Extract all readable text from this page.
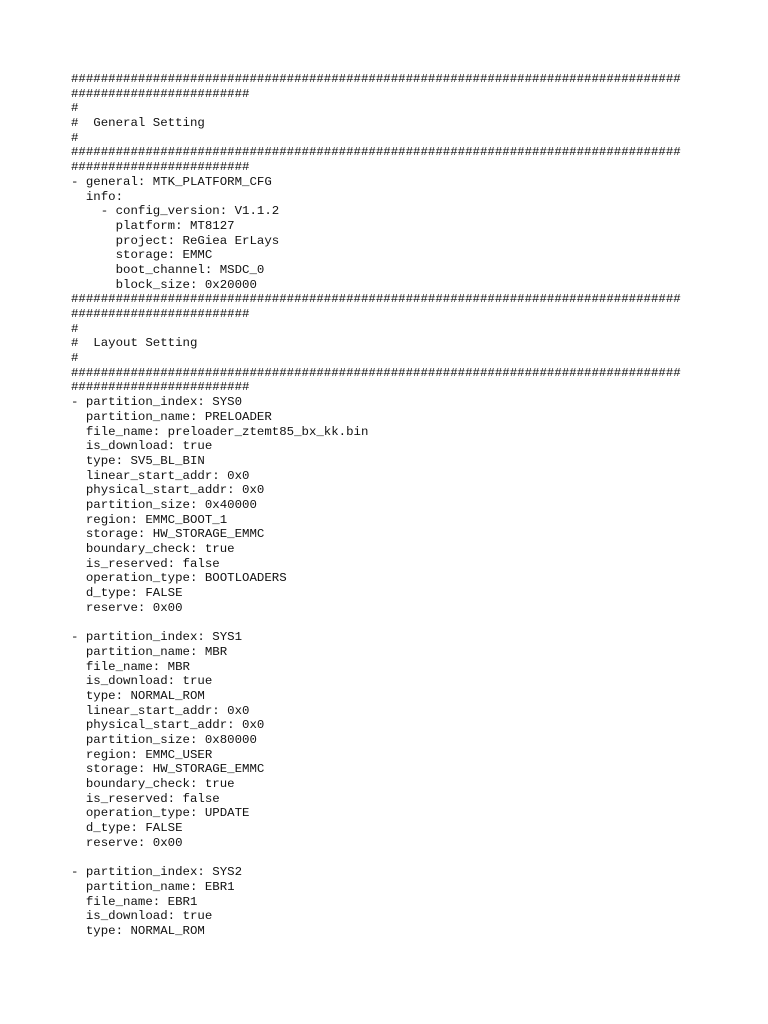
##################################################################################
########################
#
#  General Setting
#
##################################################################################
########################
- general: MTK_PLATFORM_CFG
info:
- config_version: V1.1.2
platform: MT8127
project: ReGiea ErLays
storage: EMMC
boot_channel: MSDC_0
block_size: 0x20000
##################################################################################
########################
#
#  Layout Setting
#
##################################################################################
########################
- partition_index: SYS0
partition_name: PRELOADER
file_name: preloader_ztemt85_bx_kk.bin
is_download: true
type: SV5_BL_BIN
linear_start_addr: 0x0
physical_start_addr: 0x0
partition_size: 0x40000
region: EMMC_BOOT_1
storage: HW_STORAGE_EMMC
boundary_check: true
is_reserved: false
operation_type: BOOTLOADERS
d_type: FALSE
reserve: 0x00
- partition_index: SYS1
partition_name: MBR
file_name: MBR
is_download: true
type: NORMAL_ROM
linear_start_addr: 0x0
physical_start_addr: 0x0
partition_size: 0x80000
region: EMMC_USER
storage: HW_STORAGE_EMMC
boundary_check: true
is_reserved: false
operation_type: UPDATE
d_type: FALSE
reserve: 0x00
- partition_index: SYS2
partition_name: EBR1
file_name: EBR1
is_download: true
type: NORMAL_ROM
